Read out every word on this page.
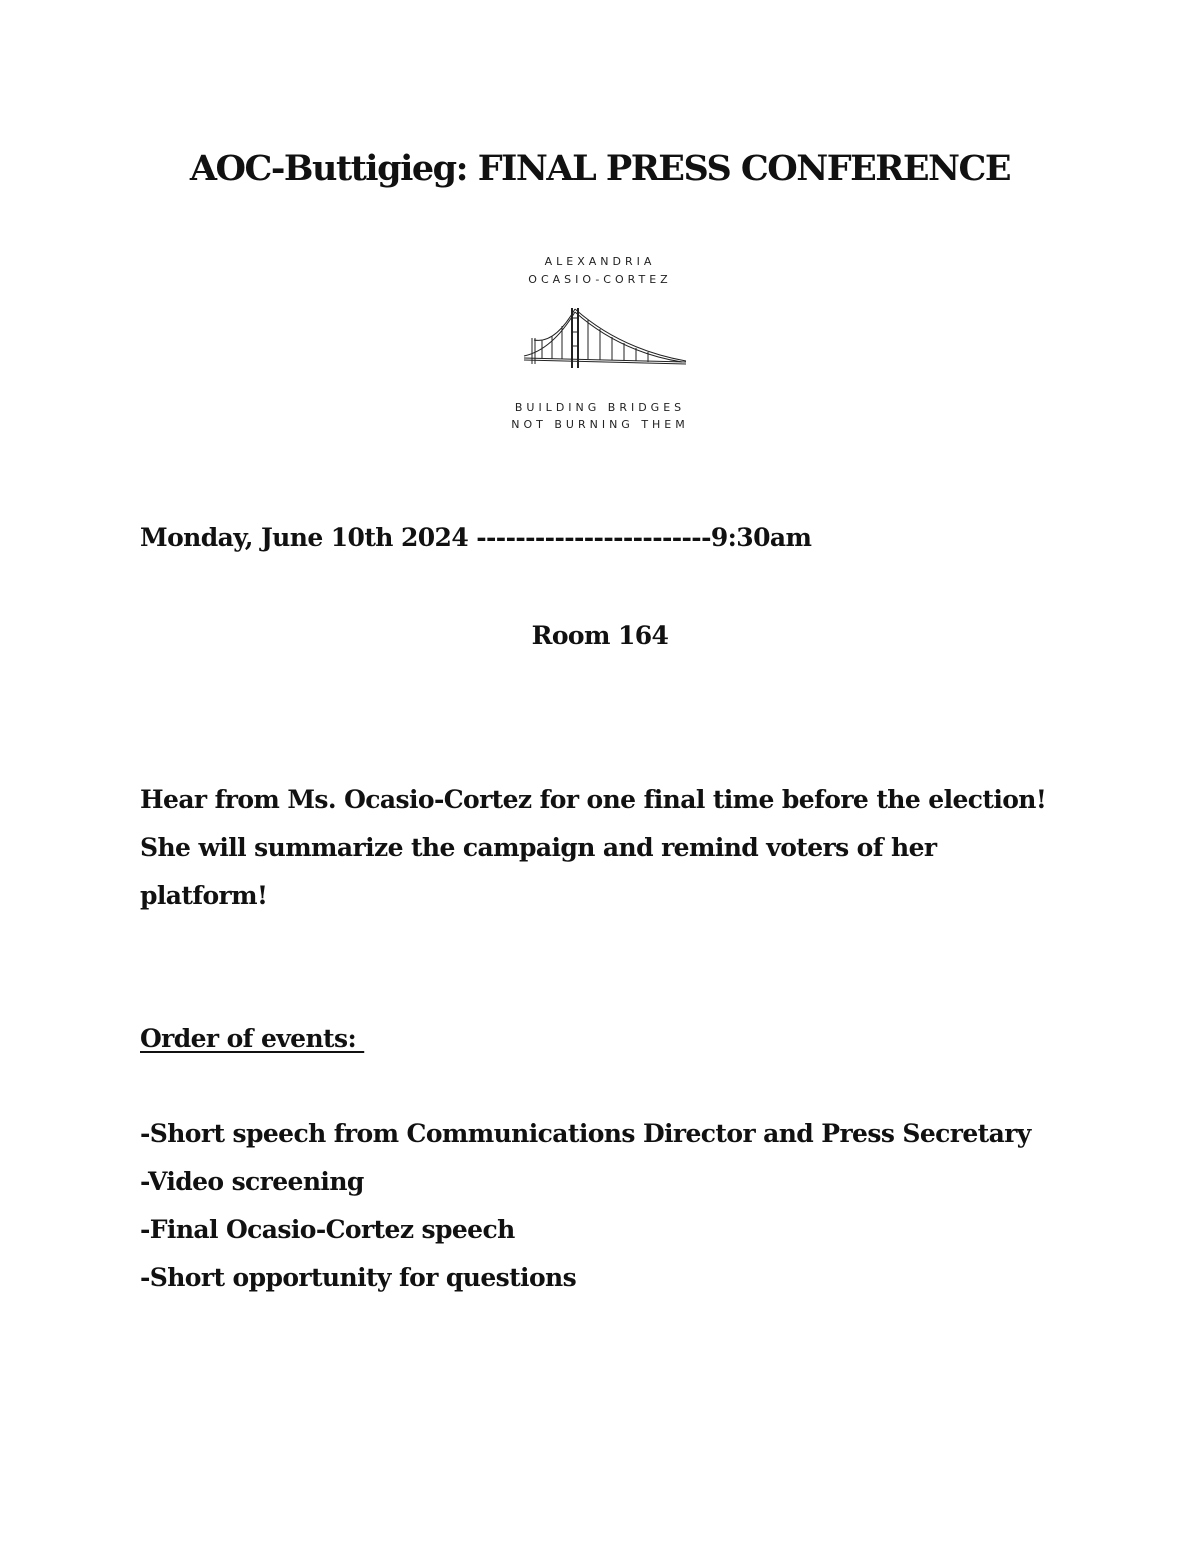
AOC-Buttigieg: FINAL PRESS CONFERENCE
ALEXANDRIA
OCASIO-CORTEZ
BUILDING BRIDGES
NOT BURNING THEM
Monday, June 10th 2024 ------------------------9:30am
Room 164
Hear from Ms. Ocasio-Cortez for one final time before the election!
She will summarize the campaign and remind voters of her
platform!
Order of events:
-Short speech from Communications Director and Press Secretary
-Video screening
-Final Ocasio-Cortez speech
-Short opportunity for questions
